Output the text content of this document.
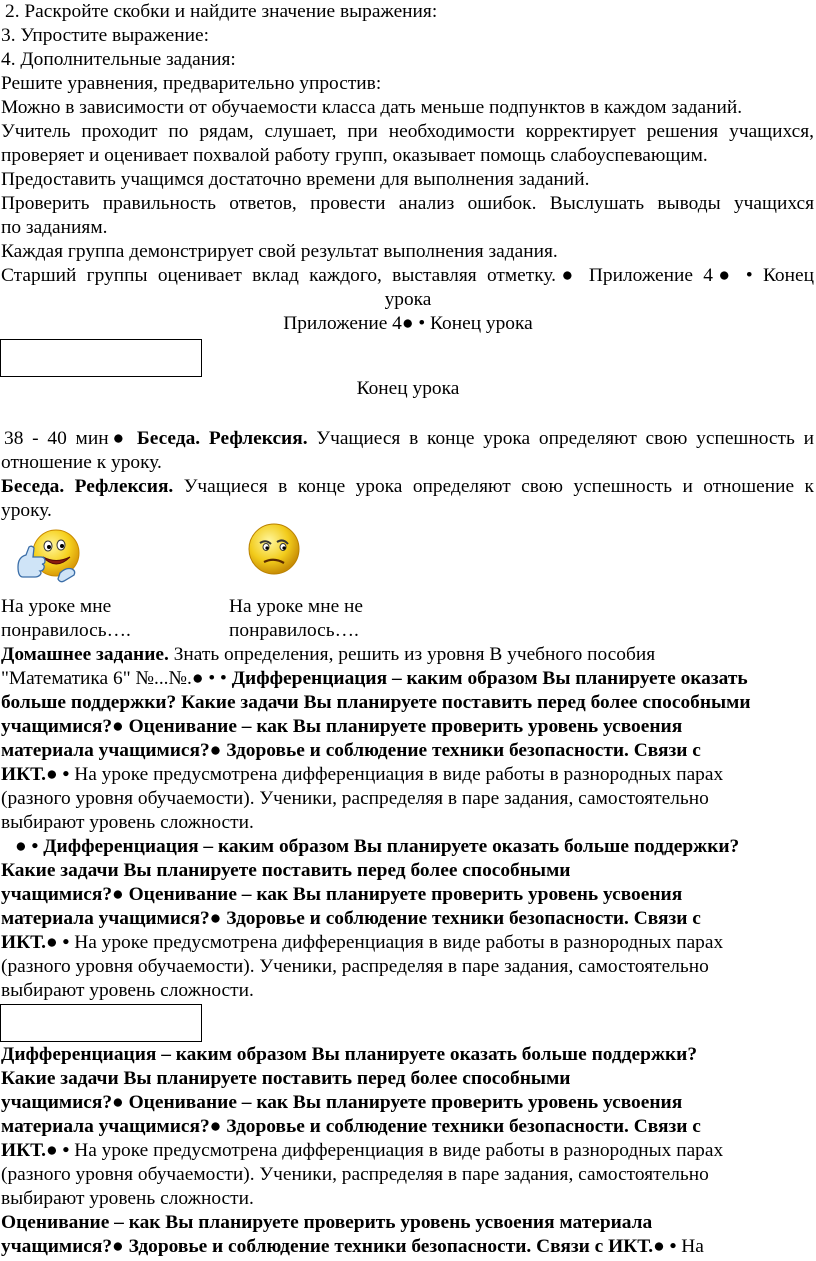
2. Раскройте скобки и найдите значение выражения:
3. Упростите выражение:
4. Дополнительные задания:
Решите уравнения, предварительно упростив:
Можно в зависимости от обучаемости класса дать меньше подпунктов в каждом заданий.
Учитель проходит по рядам, слушает, при необходимости корректирует решения учащихся,
проверяет и оценивает похвалой работу групп, оказывает помощь слабоуспевающим.
Предоставить учащимся достаточно времени для выполнения заданий.
Проверить правильность ответов, провести анализ ошибок. Выслушать выводы учащихся
по заданиям.
Каждая группа демонстрирует свой результат выполнения задания.
Старший группы оценивает вклад каждого, выставляя отметку.● Приложение 4● • Конец
урока
Приложение 4● • Конец урока
Конец урока
38 - 40 мин● Беседа. Рефлексия. Учащиеся в конце урока определяют свою успешность и
отношение к уроку.
Беседа. Рефлексия. Учащиеся в конце урока определяют свою успешность и отношение к
уроку.
На уроке мне	На уроке мне не
понравилось….	понравилось….
Домашнее задание. Знать определения, решить из уровня В учебного пособия
"Математика 6" №...№.● • • Дифференциация – каким образом Вы планируете оказать
больше поддержки? Какие задачи Вы планируете поставить перед более способными
учащимися?● Оценивание – как Вы планируете проверить уровень усвоения
материала учащимися?● Здоровье и соблюдение техники безопасности. Связи с
ИКТ.● • На уроке предусмотрена дифференциация в виде работы в разнородных парах
(разного уровня обучаемости). Ученики, распределяя в паре задания, самостоятельно
выбирают уровень сложности.
● • Дифференциация – каким образом Вы планируете оказать больше поддержки?
Какие задачи Вы планируете поставить перед более способными
учащимися?● Оценивание – как Вы планируете проверить уровень усвоения
материала учащимися?● Здоровье и соблюдение техники безопасности. Связи с
ИКТ.● • На уроке предусмотрена дифференциация в виде работы в разнородных парах
(разного уровня обучаемости). Ученики, распределяя в паре задания, самостоятельно
выбирают уровень сложности.
Дифференциация – каким образом Вы планируете оказать больше поддержки?
Какие задачи Вы планируете поставить перед более способными
учащимися?● Оценивание – как Вы планируете проверить уровень усвоения
материала учащимися?● Здоровье и соблюдение техники безопасности. Связи с
ИКТ.● • На уроке предусмотрена дифференциация в виде работы в разнородных парах
(разного уровня обучаемости). Ученики, распределяя в паре задания, самостоятельно
выбирают уровень сложности.
Оценивание – как Вы планируете проверить уровень усвоения материала
учащимися?● Здоровье и соблюдение техники безопасности. Связи с ИКТ.● • На
